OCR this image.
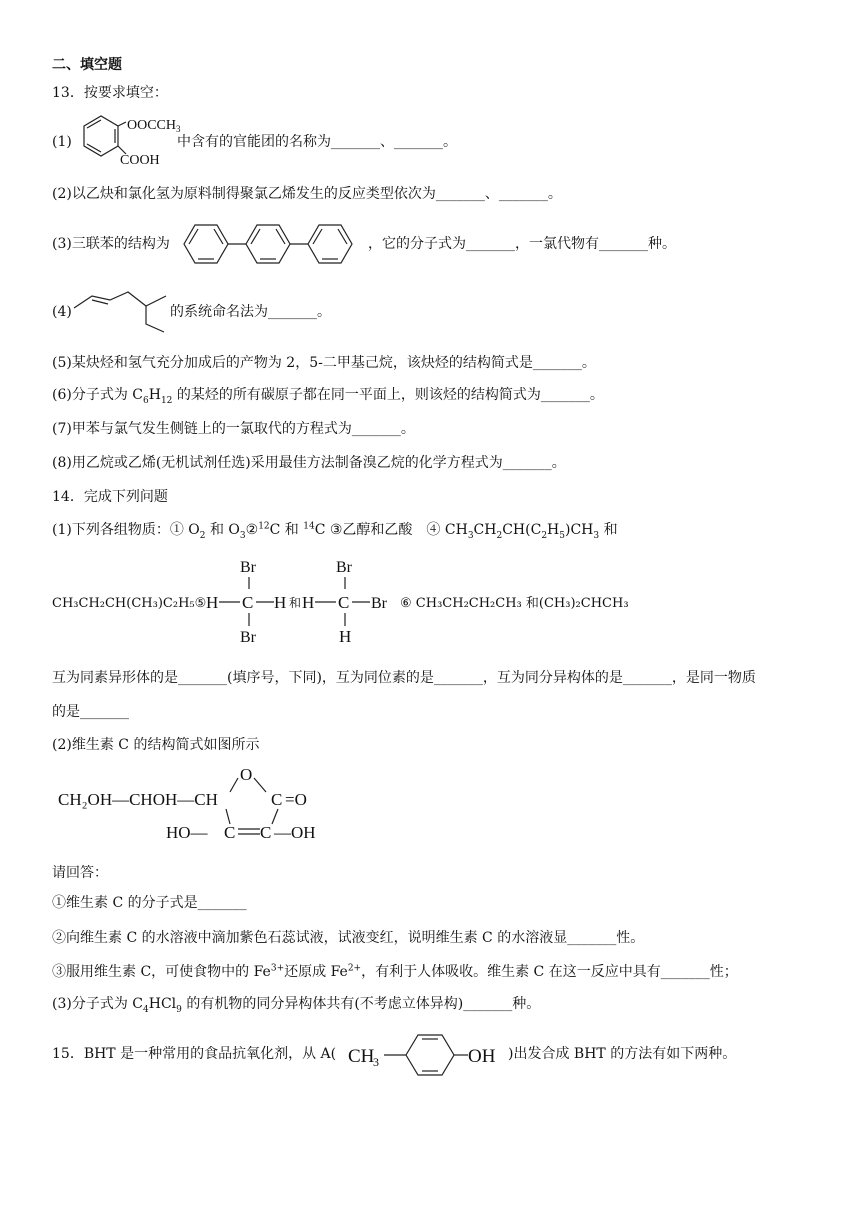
二、填空题
13．按要求填空：
(1)
$OOCCH_3$
COOH
中含有的官能团的名称为_______、_______。
(2)以乙炔和氯化氢为原料制得聚氯乙烯发生的反应类型依次为_______、_______。
(3)三联苯的结构为	，它的分子式为_______，一氯代物有_______种。
(4)	的系统命名法为_______。
(5)某炔烃和氢气充分加成后的产物为 2，5-二甲基己烷，该炔烃的结构简式是_______。
(6)分子式为 $C_6H_{12}$ 的某烃的所有碳原子都在同一平面上，则该烃的结构简式为_______。
(7)甲苯与氯气发生侧链上的一氯取代的方程式为_______。
(8)用乙烷或乙烯(无机试剂任选)采用最佳方法制备溴乙烷的化学方程式为_______。
14．完成下列问题
(1)下列各组物质：① $O_2$ 和 $O_3②^{12}C$ 和 $^{14}$C ③乙醇和乙酸　④ $CH_3CH_2CH(C_2H_5)CH_3$ 和
CH₃CH₂CH(CH₃)C₂H₅⑤
Br
H C H
Br
和 H C
Br
Br
H
⑥ CH₃CH₂CH₂CH₃ 和(CH₃)₂CHCH₃
互为同素异形体的是_______(填序号，下同)，互为同位素的是_______，互为同分异构体的是_______，是同一物质
的是_______
(2)维生素 C 的结构简式如图所示
CH₂OH—CHOH—CH
O
C =O
HO— C C —OH
请回答：
①维生素 C 的分子式是_______
②向维生素 C 的水溶液中滴加紫色石蕊试液，试液变红，说明维生素 C 的水溶液显_______性。
③服用维生素 C，可使食物中的 $Fe^{3+}$还原成 $Fe^{2+}$，有利于人体吸收。维生素 C 在这一反应中具有_______性；
(3)分子式为 $C_4HCl_9$ 的有机物的同分异构体共有(不考虑立体异构)_______种。
15．BHT 是一种常用的食品抗氧化剂，从 A( CH
3	OH )出发合成 BHT 的方法有如下两种。
